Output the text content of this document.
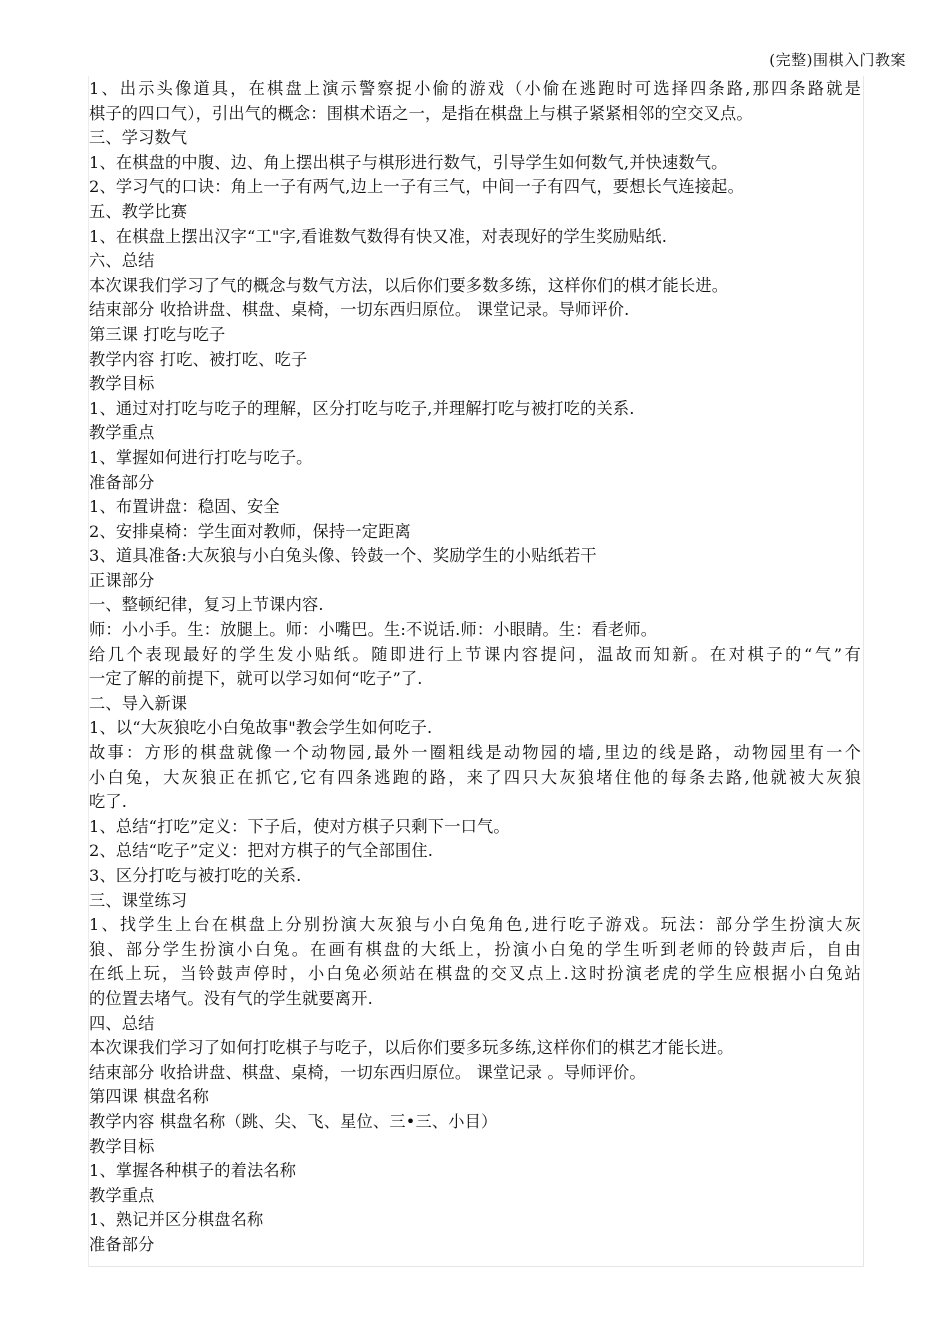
(完整)围棋入门教案
1、出示头像道具，在棋盘上演示警察捉小偷的游戏（小偷在逃跑时可选择四条路,那四条路就是
棋子的四口气），引出气的概念：围棋术语之一，是指在棋盘上与棋子紧紧相邻的空交叉点。
三、学习数气
1、在棋盘的中腹、边、角上摆出棋子与棋形进行数气，引导学生如何数气,并快速数气。
2、学习气的口诀：角上一子有两气,边上一子有三气，中间一子有四气，要想长气连接起。
五、教学比赛
1、在棋盘上摆出汉字“工"字,看谁数气数得有快又准，对表现好的学生奖励贴纸.
六、总结
本次课我们学习了气的概念与数气方法，以后你们要多数多练，这样你们的棋才能长进。
结束部分 收拾讲盘、棋盘、桌椅，一切东西归原位。 课堂记录。导师评价.
第三课 打吃与吃子
教学内容 打吃、被打吃、吃子
教学目标
1、通过对打吃与吃子的理解，区分打吃与吃子,并理解打吃与被打吃的关系.
教学重点
1、掌握如何进行打吃与吃子。
准备部分
1、布置讲盘：稳固、安全
2、安排桌椅：学生面对教师，保持一定距离
3、道具准备:大灰狼与小白兔头像、铃鼓一个、奖励学生的小贴纸若干
正课部分
一、整顿纪律，复习上节课内容.
师：小小手。生：放腿上。师：小嘴巴。生:不说话.师：小眼睛。生：看老师。
给几个表现最好的学生发小贴纸。随即进行上节课内容提问，温故而知新。在对棋子的“气”有
一定了解的前提下，就可以学习如何“吃子”了.
二、导入新课
1、以“大灰狼吃小白兔故事"教会学生如何吃子.
故事：方形的棋盘就像一个动物园,最外一圈粗线是动物园的墙,里边的线是路，动物园里有一个
小白兔，大灰狼正在抓它,它有四条逃跑的路，来了四只大灰狼堵住他的每条去路,他就被大灰狼
吃了.
1、总结“打吃”定义：下子后，使对方棋子只剩下一口气。
2、总结“吃子”定义：把对方棋子的气全部围住.
3、区分打吃与被打吃的关系.
三、课堂练习
1、找学生上台在棋盘上分别扮演大灰狼与小白兔角色,进行吃子游戏。玩法：部分学生扮演大灰
狼、部分学生扮演小白兔。在画有棋盘的大纸上，扮演小白兔的学生听到老师的铃鼓声后，自由
在纸上玩，当铃鼓声停时，小白兔必须站在棋盘的交叉点上.这时扮演老虎的学生应根据小白兔站
的位置去堵气。没有气的学生就要离开.
四、总结
本次课我们学习了如何打吃棋子与吃子，以后你们要多玩多练,这样你们的棋艺才能长进。
结束部分 收拾讲盘、棋盘、桌椅，一切东西归原位。 课堂记录 。导师评价。
第四课 棋盘名称
教学内容 棋盘名称（跳、尖、飞、星位、三•三、小目）
教学目标
1、掌握各种棋子的着法名称
教学重点
1、熟记并区分棋盘名称
准备部分
